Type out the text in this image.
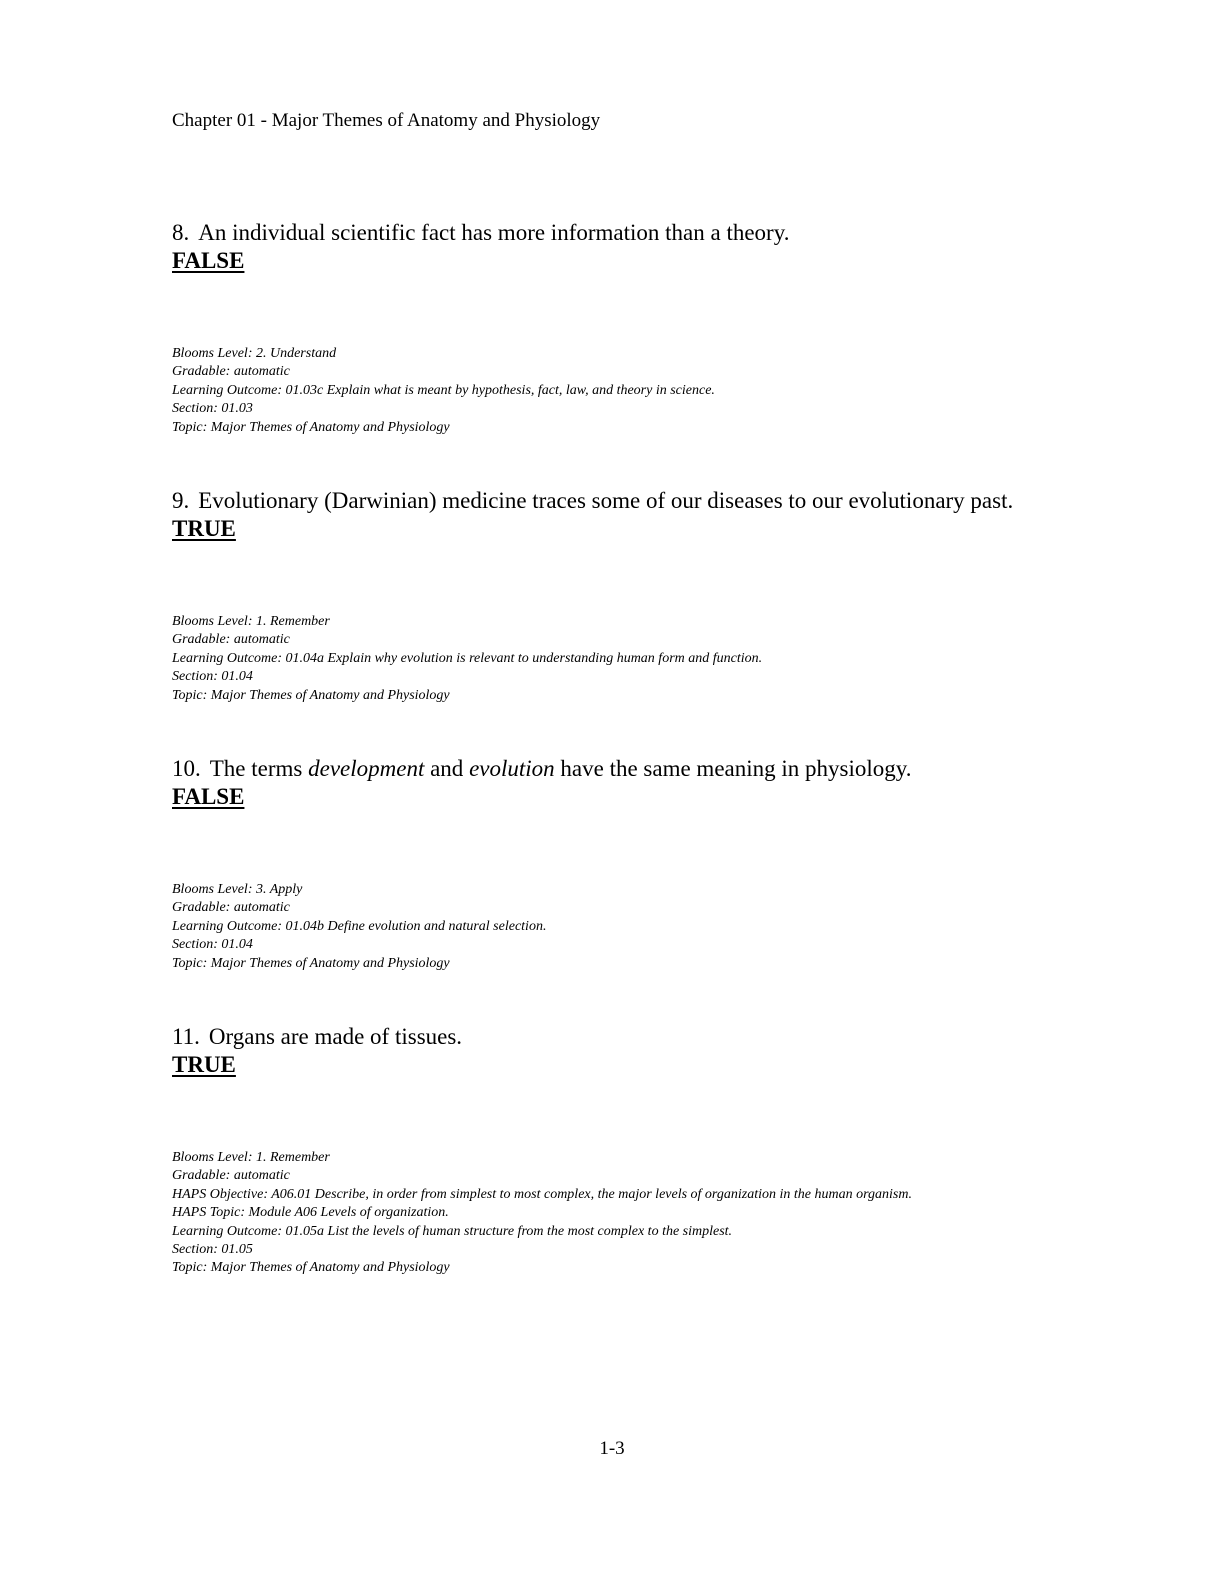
Chapter 01 - Major Themes of Anatomy and Physiology

8. An individual scientific fact has more information than a theory.

FALSE
Blooms Level: 2. Understand
Gradable: automatic
Learning Outcome: 01.03c Explain what is meant by hypothesis, fact, law, and theory in science.
Section: 01.03
Topic: Major Themes of Anatomy and Physiology

9. Evolutionary (Darwinian) medicine traces some of our diseases to our evolutionary past.

TRUE
Blooms Level: 1. Remember
Gradable: automatic
Learning Outcome: 01.04a Explain why evolution is relevant to understanding human form and function.
Section: 01.04
Topic: Major Themes of Anatomy and Physiology

10. The terms development and evolution have the same meaning in physiology.

FALSE
Blooms Level: 3. Apply
Gradable: automatic
Learning Outcome: 01.04b Define evolution and natural selection.
Section: 01.04
Topic: Major Themes of Anatomy and Physiology

11. Organs are made of tissues.

TRUE
Blooms Level: 1. Remember
Gradable: automatic
HAPS Objective: A06.01 Describe, in order from simplest to most complex, the major levels of organization in the human organism.
HAPS Topic: Module A06 Levels of organization.
Learning Outcome: 01.05a List the levels of human structure from the most complex to the simplest.
Section: 01.05
Topic: Major Themes of Anatomy and Physiology
1-3
